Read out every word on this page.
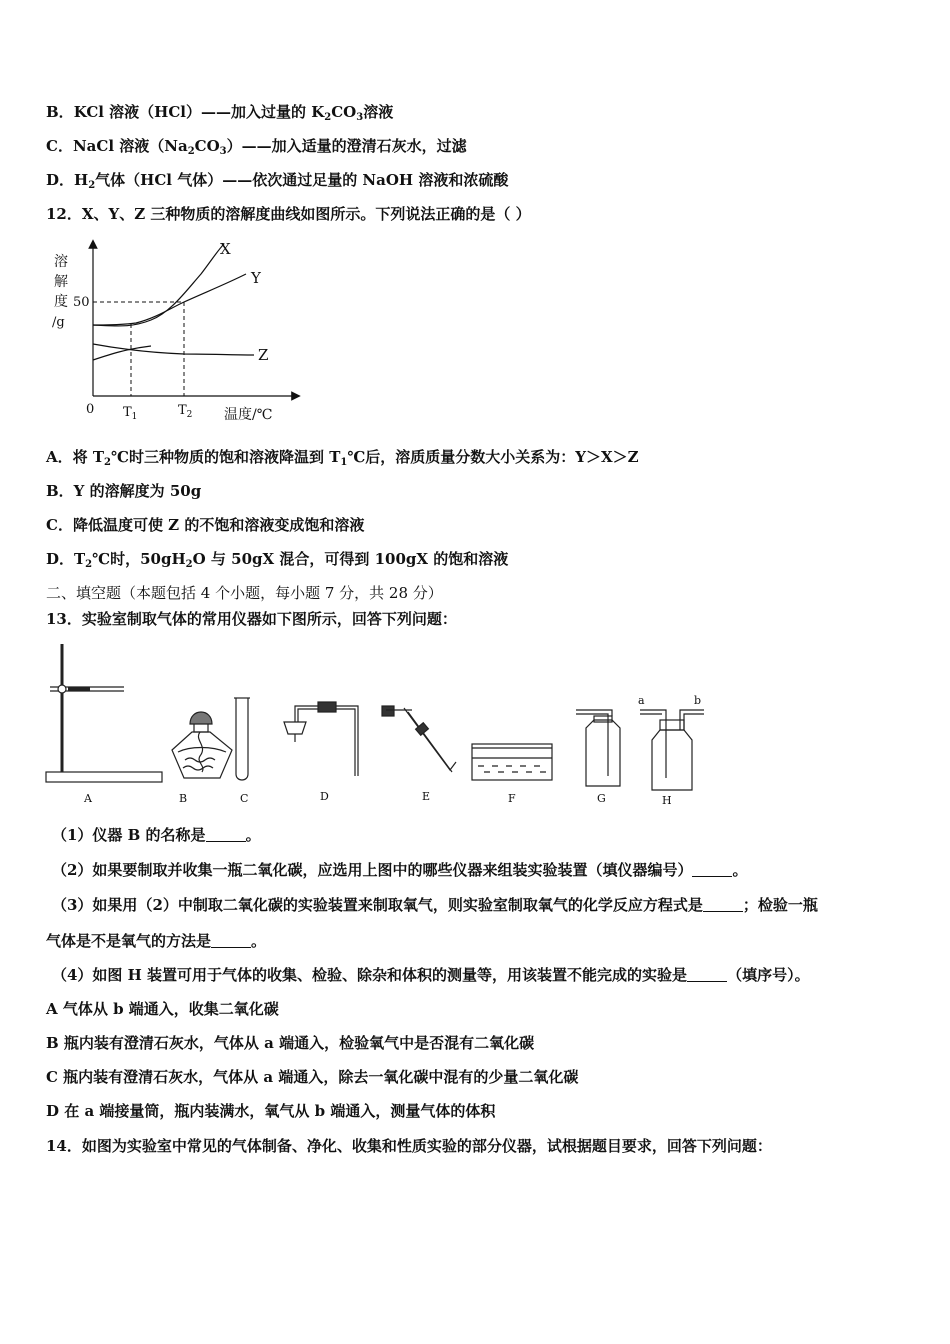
B．KCl 溶液（HCl）——加入过量的 $K_2CO_3$溶液
C．NaCl 溶液$(Na_2CO_3)——$加入适量的澄清石灰水，过滤
D．$H_2$气体（HCl 气体）——依次通过足量的 NaOH 溶液和浓硫酸
12．X、Y、Z 三种物质的溶解度曲线如图所示。下列说法正确的是（ ）
溶
解
度
/g
50
X
Y
Z
0 $T_1$	$T_2$ 温度/℃
A．将 $T_2℃$时三种物质的饱和溶液降温到 $T_1℃$后，溶质质量分数大小关系为：Y＞X＞Z
B．Y 的溶解度为 50g
C．降低温度可使 Z 的不饱和溶液变成饱和溶液
D．$T_2℃$时，$50gH_2O$ 与 50gX 混合，可得到 100gX 的饱和溶液
二、填空题（本题包括 4 个小题，每小题 7 分，共 28 分）
13．实验室制取气体的常用仪器如下图所示，回答下列问题：
A	B	C	D	E	F	G	H
a	b
（1）仪器 B 的名称是	。
（2）如果要制取并收集一瓶二氧化碳，应选用上图中的哪些仪器来组装实验装置（填仪器编号）	。
（3）如果用（2）中制取二氧化碳的实验装置来制取氧气，则实验室制取氧气的化学反应方程式是	；检验一瓶
气体是不是氧气的方法是	。
（4）如图 H 装置可用于气体的收集、检验、除杂和体积的测量等，用该装置不能完成的实验是	（填序号）。
A 气体从 b 端通入，收集二氧化碳
B 瓶内装有澄清石灰水，气体从 a 端通入，检验氧气中是否混有二氧化碳
C 瓶内装有澄清石灰水，气体从 a 端通入，除去一氧化碳中混有的少量二氧化碳
D 在 a 端接量筒，瓶内装满水，氧气从 b 端通入，测量气体的体积
14．如图为实验室中常见的气体制备、净化、收集和性质实验的部分仪器，试根据题目要求，回答下列问题：
